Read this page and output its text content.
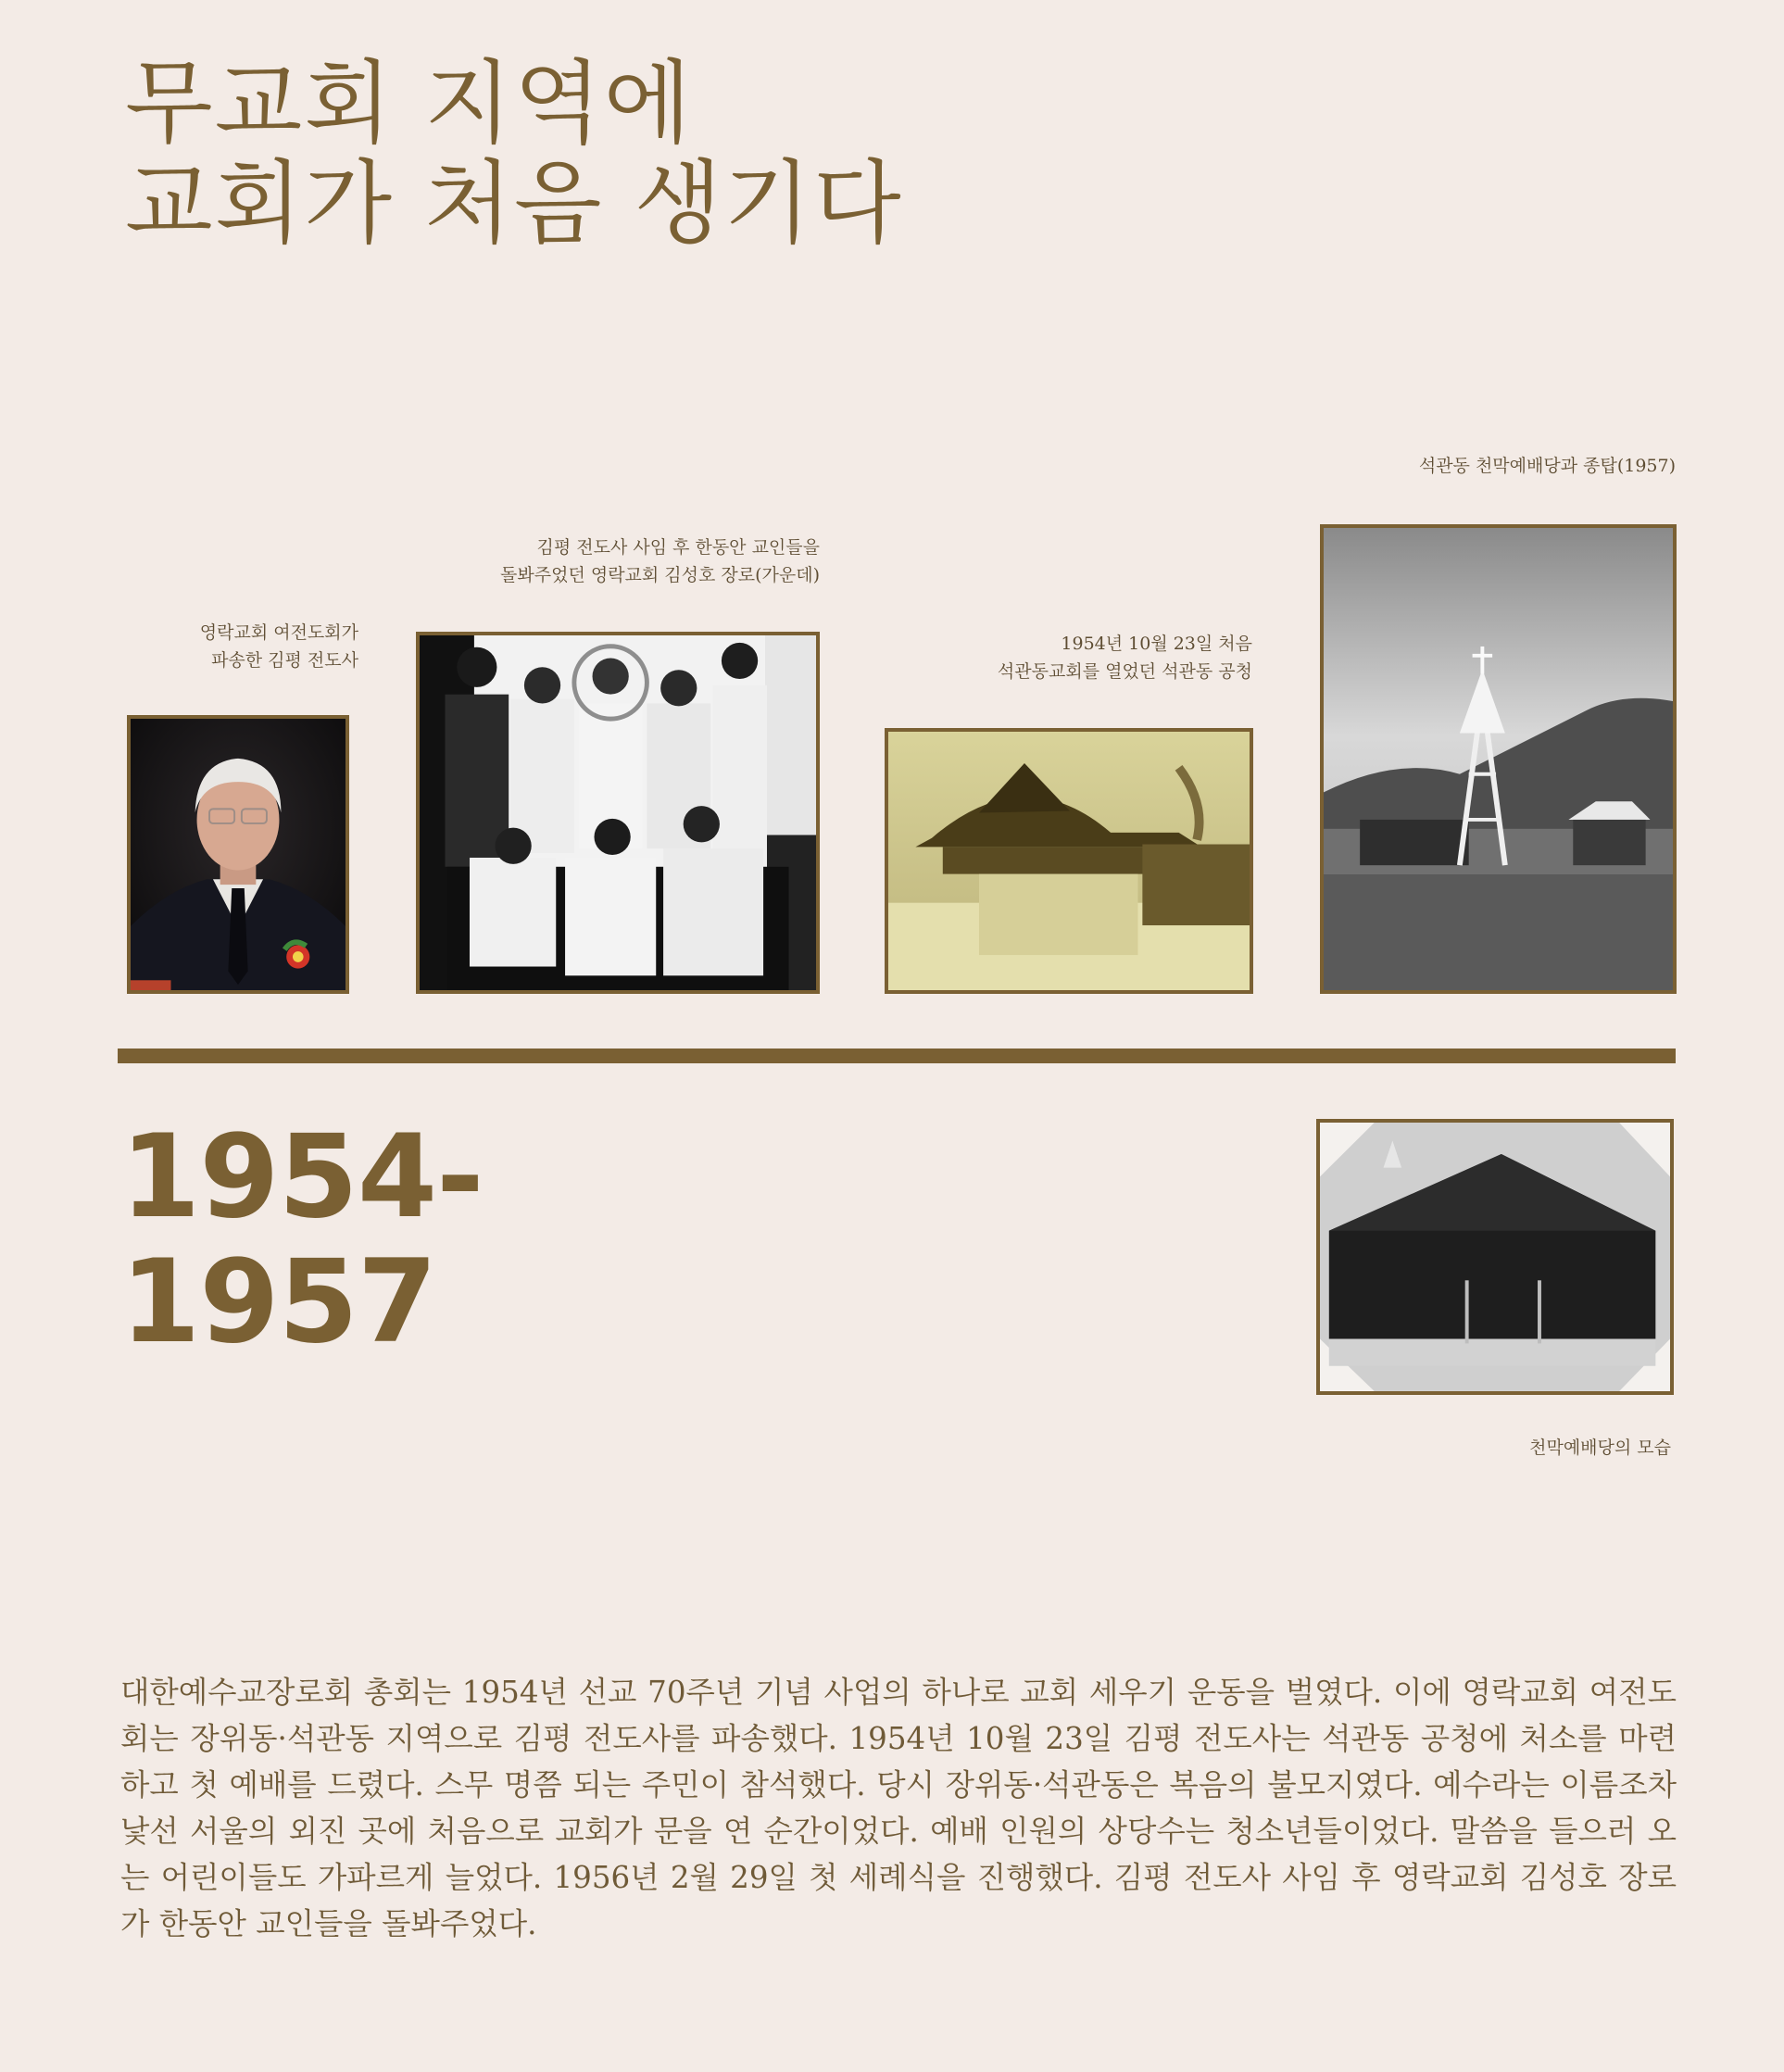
무교회 지역에
교회가 처음 생기다
영락교회 여전도회가
파송한 김평 전도사
김평 전도사 사임 후 한동안 교인들을
돌봐주었던 영락교회 김성호 장로(가운데)
1954년 10월 23일 처음
석관동교회를 열었던 석관동 공청
석관동 천막예배당과 종탑(1957)
1954-
1957
천막예배당의 모습

대한예수교장로회 총회는 1954년 선교 70주년 기념 사업의 하나로 교회 세우기 운동을 벌였다. 이에 영락교회 여전도회는 장위동·석관동 지역으로 김평 전도사를 파송했다. 1954년 10월 23일 김평 전도사는 석관동 공청에 처소를 마련하고 첫 예배를 드렸다. 스무 명쯤 되는 주민이 참석했다. 당시 장위동·석관동은 복음의 불모지였다. 예수라는 이름조차 낯선 서울의 외진 곳에 처음으로 교회가 문을 연 순간이었다. 예배 인원의 상당수는 청소년들이었다. 말씀을 들으러 오는 어린이들도 가파르게 늘었다. 1956년 2월 29일 첫 세례식을 진행했다. 김평 전도사 사임 후 영락교회 김성호 장로가 한동안 교인들을 돌봐주었다.
